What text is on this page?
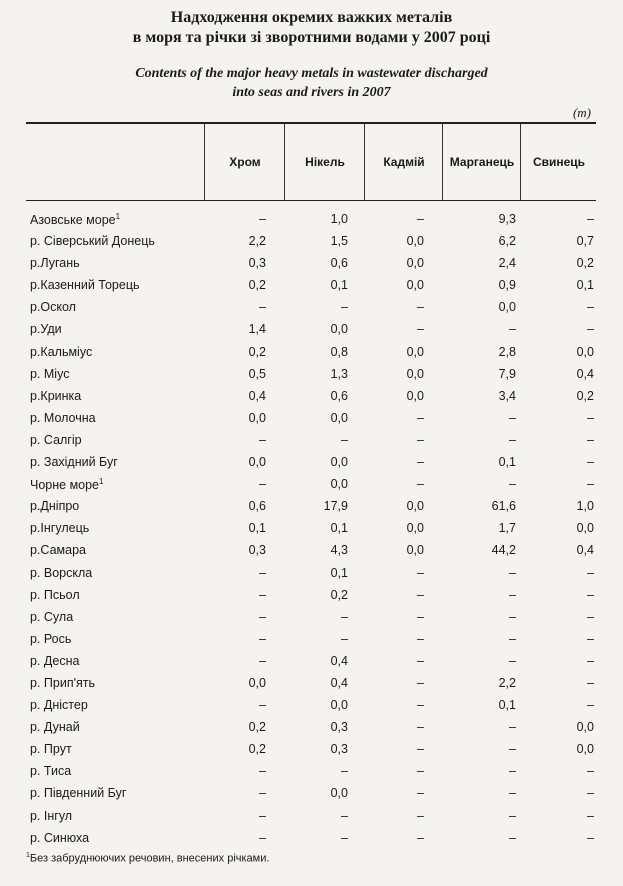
Надходження окремих важких металів
в моря та річки зі зворотними водами у 2007 році
Contents of the major heavy metals in wastewater discharged
into seas and rivers in 2007
(m)
Хром	Нікель	Кадмій	Марганець	Свинець
Азовське море$^1$	–	1,0	–	9,3	–
р. Сіверський Донець	2,2	1,5	0,0	6,2	0,7
р.Лугань	0,3	0,6	0,0	2,4	0,2
р.Казенний Торець	0,2	0,1	0,0	0,9	0,1
р.Оскол	–	–	–	0,0	–
р.Уди	1,4	0,0	–	–	–
р.Кальміус	0,2	0,8	0,0	2,8	0,0
р. Міус	0,5	1,3	0,0	7,9	0,4
р.Кринка	0,4	0,6	0,0	3,4	0,2
р. Молочна	0,0	0,0	–	–	–
р. Салгір	–	–	–	–	–
р. Західний Буг	0,0	0,0	–	0,1	–
Чорне море$^1$	–	0,0	–	–	–
р.Дніпро	0,6	17,9	0,0	61,6	1,0
р.Інгулець	0,1	0,1	0,0	1,7	0,0
р.Самара	0,3	4,3	0,0	44,2	0,4
р. Ворскла	–	0,1	–	–	–
р. Псьол	–	0,2	–	–	–
р. Сула	–	–	–	–	–
р. Рось	–	–	–	–	–
р. Десна	–	0,4	–	–	–
р. Прип'ять	0,0	0,4	–	2,2	–
р. Дністер	–	0,0	–	0,1	–
р. Дунай	0,2	0,3	–	–	0,0
р. Прут	0,2	0,3	–	–	0,0
р. Тиса	–	–	–	–	–
р. Південний Буг	–	0,0	–	–	–
р. Інгул	–	–	–	–	–
р. Синюха	–	–	–	–	–
$^1$Без забруднюючих речовин, внесених річками.
